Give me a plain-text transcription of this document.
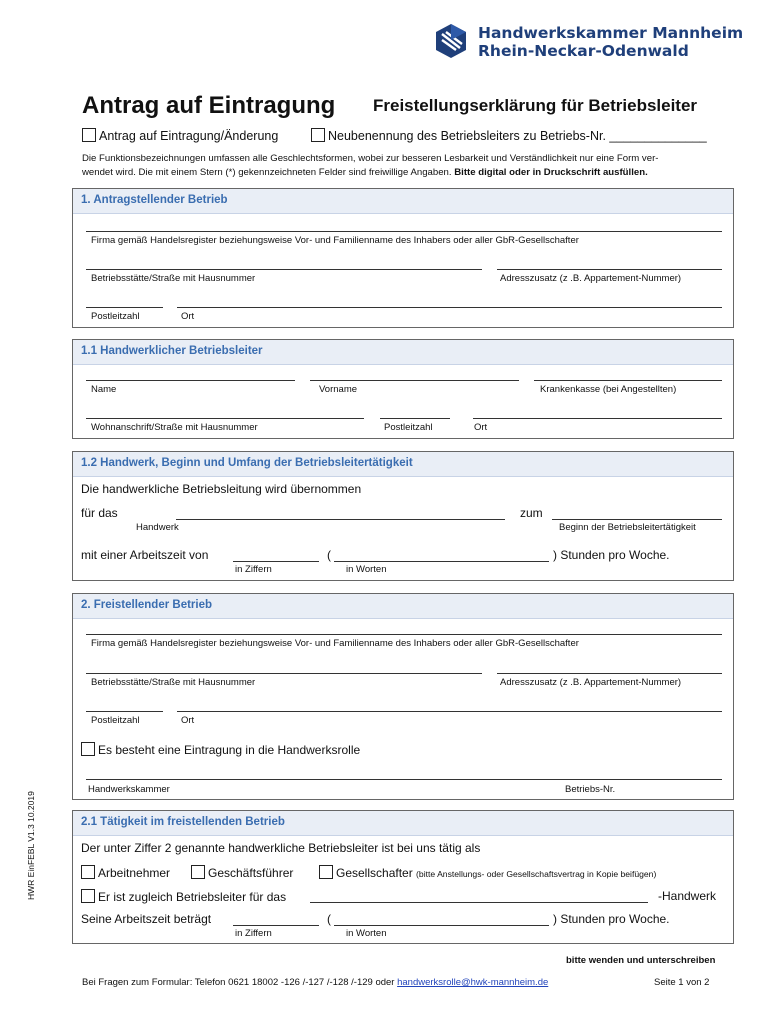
Handwerkskammer Mannheim
Rhein-Neckar-Odenwald
Antrag auf Eintragung Freistellungserklärung für Betriebsleiter
Antrag auf Eintragung/Änderung	Neubenennung des Betriebsleiters zu Betriebs-Nr. ______________
Die Funktionsbezeichnungen umfassen alle Geschlechtsformen, wobei zur besseren Lesbarkeit und Verständlichkeit nur eine Form ver-
wendet wird. Die mit einem Stern (*) gekennzeichneten Felder sind freiwillige Angaben. Bitte digital oder in Druckschrift ausfüllen.
1. Antragstellender Betrieb
Firma gemäß Handelsregister beziehungsweise Vor- und Familienname des Inhabers oder aller GbR-Gesellschafter
Betriebsstätte/Straße mit Hausnummer	Adresszusatz (z .B. Appartement-Nummer)
Postleitzahl	Ort
1.1 Handwerklicher Betriebsleiter
Name	Vorname	Krankenkasse (bei Angestellten)
Wohnanschrift/Straße mit Hausnummer	Postleitzahl	Ort
1.2 Handwerk, Beginn und Umfang der Betriebsleitertätigkeit
Die handwerkliche Betriebsleitung wird übernommen
für das	zum
Handwerk	Beginn der Betriebsleitertätigkeit
mit einer Arbeitszeit von	(	) Stunden pro Woche.
in Ziffern	in Worten
2. Freistellender Betrieb
Firma gemäß Handelsregister beziehungsweise Vor- und Familienname des Inhabers oder aller GbR-Gesellschafter
Betriebsstätte/Straße mit Hausnummer	Adresszusatz (z .B. Appartement-Nummer)
Postleitzahl	Ort
Es besteht eine Eintragung in die Handwerksrolle
Handwerkskammer	Betriebs-Nr.
2.1 Tätigkeit im freistellenden Betrieb
Der unter Ziffer 2 genannte handwerkliche Betriebsleiter ist bei uns tätig als
Arbeitnehmer	Geschäftsführer	Gesellschafter (bitte Anstellungs- oder Gesellschaftsvertrag in Kopie beifügen)
Er ist zugleich Betriebsleiter für das	-Handwerk
Seine Arbeitszeit beträgt	(	) Stunden pro Woche.
in Ziffern	in Worten
HWR EinFEBL V1.3 10.2019
bitte wenden und unterschreiben
Bei Fragen zum Formular: Telefon 0621 18002 -126 /-127 /-128 /-129 oder handwerksrolle@hwk-mannheim.de	Seite 1 von 2
